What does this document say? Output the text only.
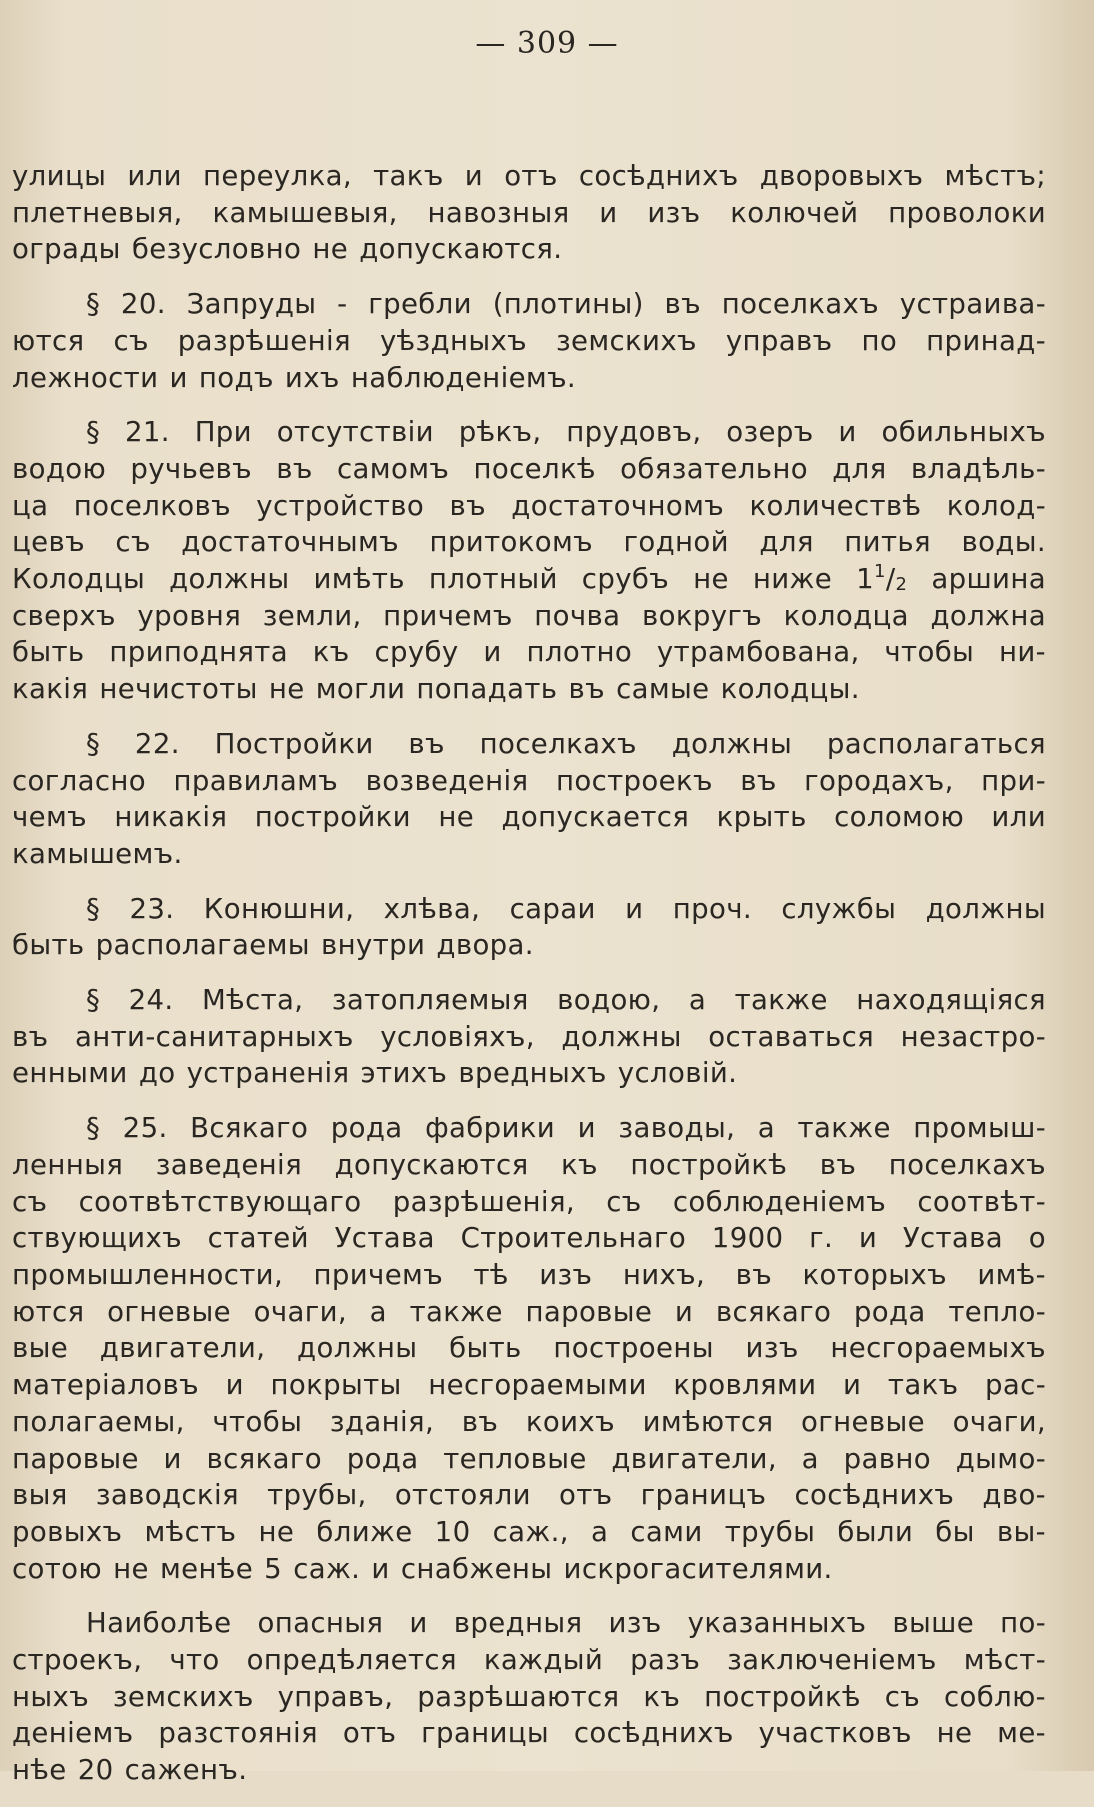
— 309 —
улицы или переулка, такъ и отъ сосѣднихъ дворовыхъ мѣстъ;
плетневыя, камышевыя, навозныя и изъ колючей проволоки
ограды безусловно не допускаются.
§ 20. Запруды - гребли (плотины) въ поселкахъ устраива-
ются съ разрѣшенія уѣздныхъ земскихъ управъ по принад-
лежности и подъ ихъ наблюденіемъ.
§ 21. При отсутствіи рѣкъ, прудовъ, озеръ и обильныхъ
водою ручьевъ въ самомъ поселкѣ обязательно для владѣль-
ца поселковъ устройство въ достаточномъ количествѣ колод-
цевъ съ достаточнымъ притокомъ годной для питья воды.
Колодцы должны имѣть плотный срубъ не ниже $1^1/_2$ аршина
сверхъ уровня земли, причемъ почва вокругъ колодца должна
быть приподнята къ срубу и плотно утрамбована, чтобы ни-
какія нечистоты не могли попадать въ самые колодцы.
§ 22. Постройки въ поселкахъ должны располагаться
согласно правиламъ возведенія построекъ въ городахъ, при-
чемъ никакія постройки не допускается крыть соломою или
камышемъ.
§ 23. Конюшни, хлѣва, сараи и проч. службы должны
быть располагаемы внутри двора.
§ 24. Мѣста, затопляемыя водою, а также находящіяся
въ анти-санитарныхъ условіяхъ, должны оставаться незастро-
енными до устраненія этихъ вредныхъ условій.
§ 25. Всякаго рода фабрики и заводы, а также промыш-
ленныя заведенія допускаются къ постройкѣ въ поселкахъ
съ соотвѣтствующаго разрѣшенія, съ соблюденіемъ соотвѣт-
ствующихъ статей Устава Строительнаго 1900 г. и Устава о
промышленности, причемъ тѣ изъ нихъ, въ которыхъ имѣ-
ются огневые очаги, а также паровые и всякаго рода тепло-
вые двигатели, должны быть построены изъ несгораемыхъ
матеріаловъ и покрыты несгораемыми кровлями и такъ рас-
полагаемы, чтобы зданія, въ коихъ имѣются огневые очаги,
паровые и всякаго рода тепловые двигатели, а равно дымо-
выя заводскія трубы, отстояли отъ границъ сосѣднихъ дво-
ровыхъ мѣстъ не ближе 10 саж., а сами трубы были бы вы-
сотою не менѣе 5 саж. и снабжены искрогасителями.
Наиболѣе опасныя и вредныя изъ указанныхъ выше по-
строекъ, что опредѣляется каждый разъ заключеніемъ мѣст-
ныхъ земскихъ управъ, разрѣшаются къ постройкѣ съ соблю-
деніемъ разстоянія отъ границы сосѣднихъ участковъ не ме-
нѣе 20 саженъ.
